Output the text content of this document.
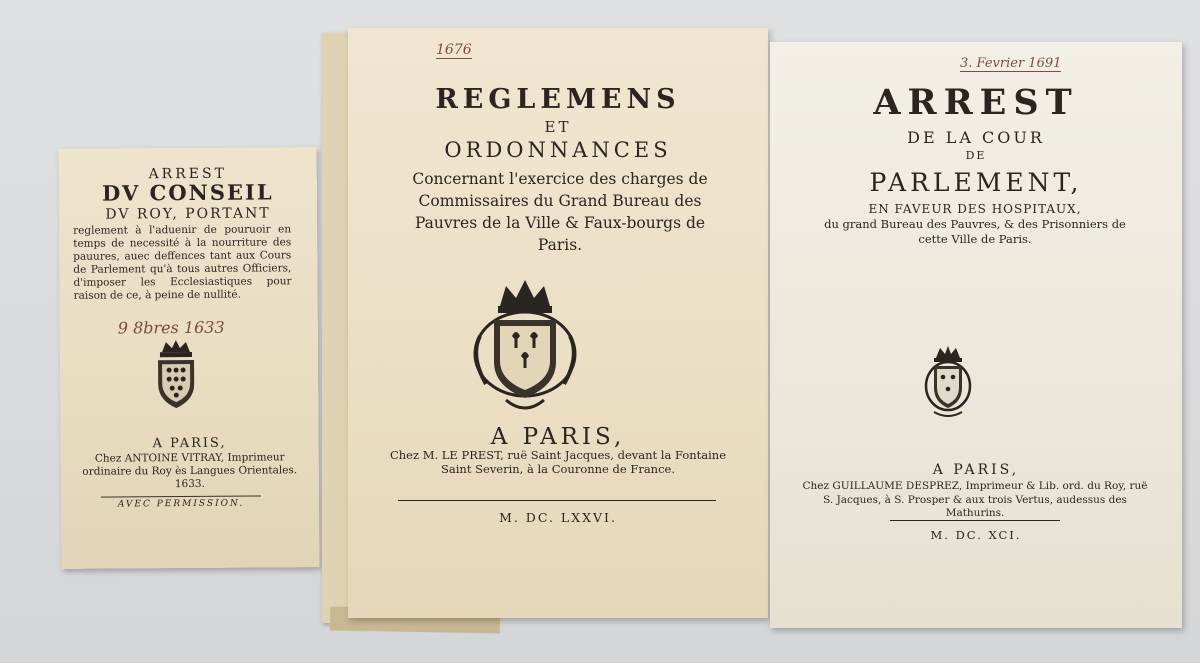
ARREST
DV CONSEIL
DV ROY, PORTANT
reglement à l'aduenir de pouruoir en temps de necessité à la nourriture des pauures, auec deffences tant aux Cours de Parlement qu'à tous autres Officiers, d'imposer les Ecclesiastiques pour raison de ce, à peine de nullité.
9 8bres 1633
A PARIS,
Chez ANTOINE VITRAY, Imprimeur ordinaire du Roy ès Langues Orientales. 1633.
AVEC PERMISSION.
1676
REGLEMENS
ET
ORDONNANCES
Concernant l'exercice des charges de Commissaires du Grand Bureau des Pauvres de la Ville & Faux-bourgs de Paris.
A PARIS,
Chez M. LE PREST, ruë Saint Jacques, devant la Fontaine Saint Severin, à la Couronne de France.
M. DC. LXXVI.
3. Fevrier 1691
ARREST
DE LA COUR
DE
PARLEMENT,
EN FAVEUR DES HOSPITAUX,
du grand Bureau des Pauvres, & des Prisonniers de cette Ville de Paris.
A PARIS,
Chez GUILLAUME DESPREZ, Imprimeur & Lib. ord. du Roy, ruë S. Jacques, à S. Prosper & aux trois Vertus, audessus des Mathurins.
M. DC. XCI.
